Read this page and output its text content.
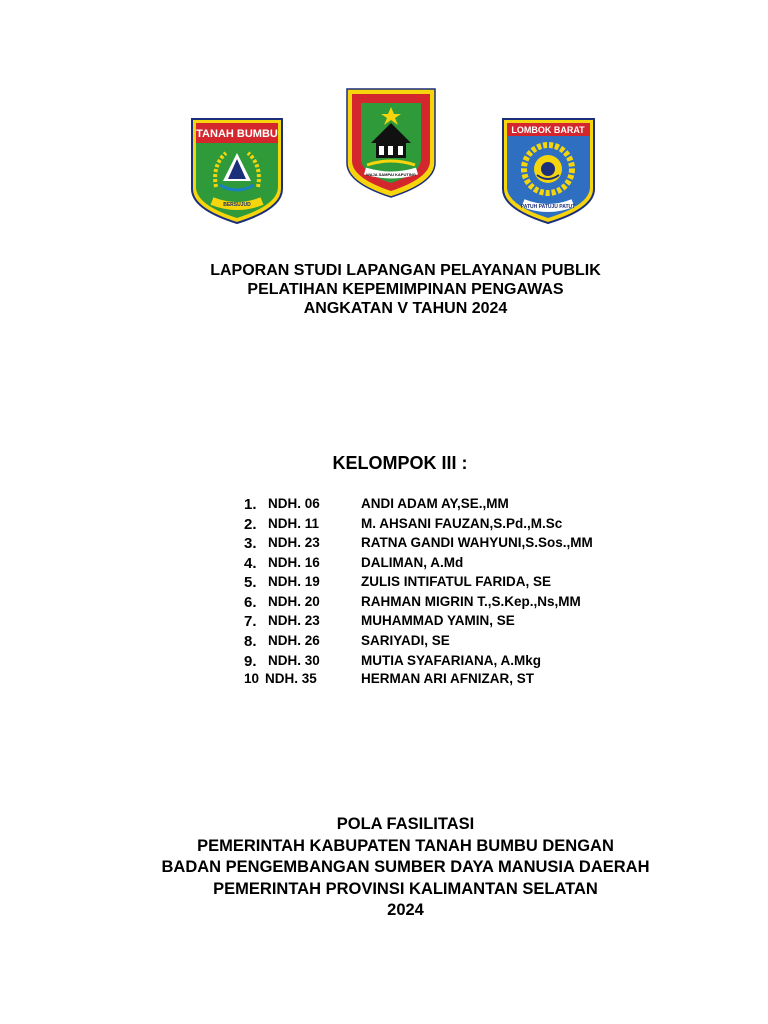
TANAH BUMBU
BERSUJUD
WAJA SAMPAI KAPUTING
LOMBOK BARAT
PATUH PATUJU PATUT
LAPORAN STUDI LAPANGAN PELAYANAN PUBLIK
PELATIHAN KEPEMIMPINAN PENGAWAS
ANGKATAN V TAHUN 2024
KELOMPOK III :
1. NDH. 06	ANDI ADAM AY,SE.,MM
2. NDH. 11	M. AHSANI FAUZAN,S.Pd.,M.Sc
3. NDH. 23	RATNA GANDI WAHYUNI,S.Sos.,MM
4. NDH. 16	DALIMAN, A.Md
5. NDH. 19	ZULIS INTIFATUL FARIDA, SE
6. NDH. 20	RAHMAN MIGRIN T.,S.Kep.,Ns,MM
7. NDH. 23	MUHAMMAD YAMIN, SE
8. NDH. 26	SARIYADI, SE
9. NDH. 30	MUTIA SYAFARIANA, A.Mkg
10 NDH. 35	HERMAN ARI AFNIZAR, ST
POLA FASILITASI
PEMERINTAH KABUPATEN TANAH BUMBU DENGAN
BADAN PENGEMBANGAN SUMBER DAYA MANUSIA DAERAH
PEMERINTAH PROVINSI KALIMANTAN SELATAN
2024
